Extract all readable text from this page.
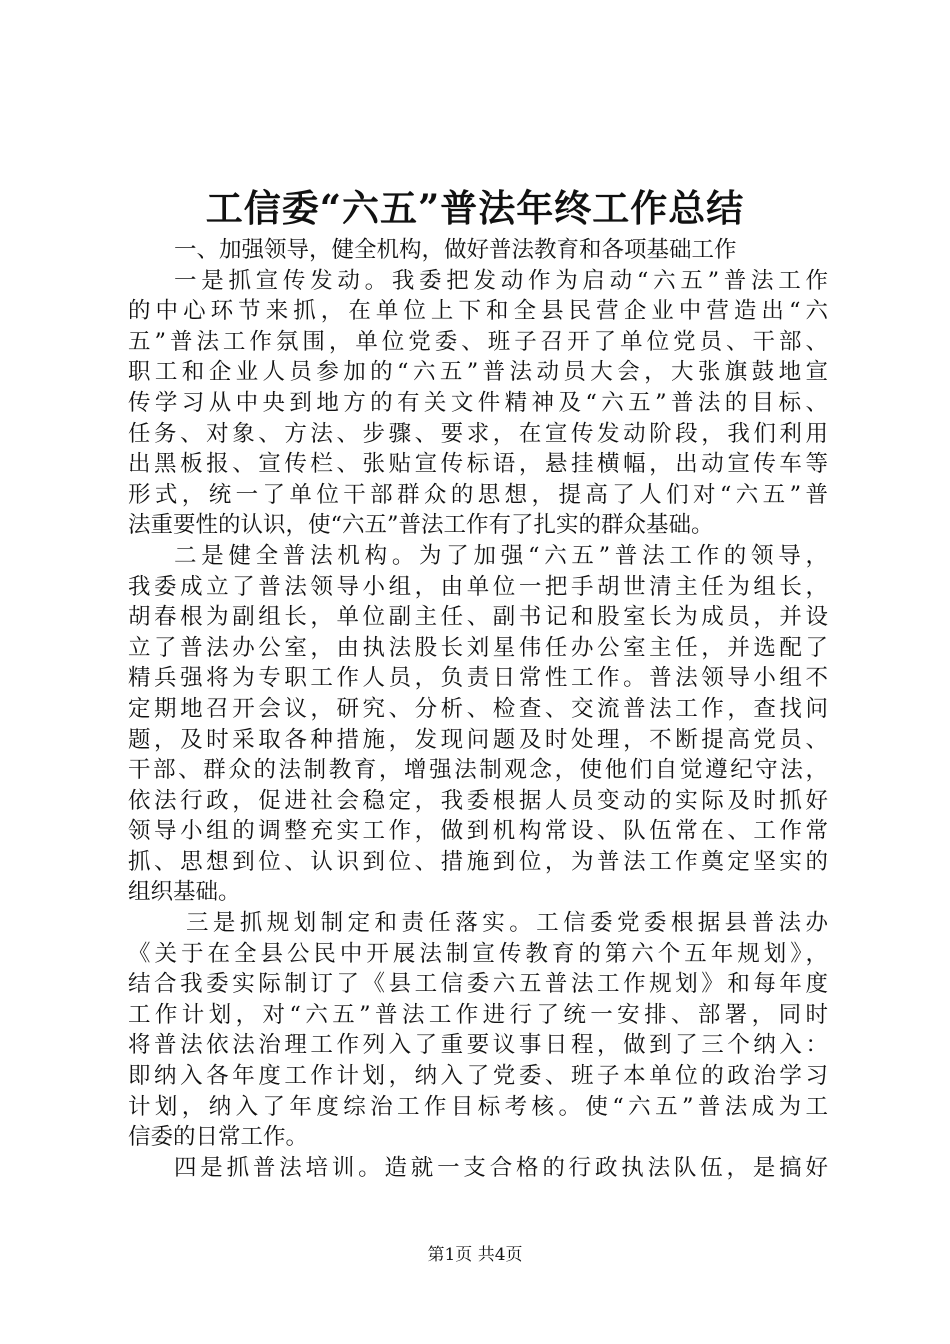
工信委“六五”普法年终工作总结
一、加强领导，健全机构，做好普法教育和各项基础工作
一是抓宣传发动。我委把发动作为启动“六五”普法工作
的中心环节来抓，在单位上下和全县民营企业中营造出“六
五”普法工作氛围，单位党委、班子召开了单位党员、干部、
职工和企业人员参加的“六五”普法动员大会，大张旗鼓地宣
传学习从中央到地方的有关文件精神及“六五”普法的目标、
任务、对象、方法、步骤、要求，在宣传发动阶段，我们利用
出黑板报、宣传栏、张贴宣传标语，悬挂横幅，出动宣传车等
形式，统一了单位干部群众的思想，提高了人们对“六五”普
法重要性的认识，使“六五”普法工作有了扎实的群众基础。
二是健全普法机构。为了加强“六五”普法工作的领导，
我委成立了普法领导小组，由单位一把手胡世清主任为组长，
胡春根为副组长，单位副主任、副书记和股室长为成员，并设
立了普法办公室，由执法股长刘星伟任办公室主任，并选配了
精兵强将为专职工作人员，负责日常性工作。普法领导小组不
定期地召开会议，研究、分析、检查、交流普法工作，查找问
题，及时采取各种措施，发现问题及时处理，不断提高党员、
干部、群众的法制教育，增强法制观念，使他们自觉遵纪守法，
依法行政，促进社会稳定，我委根据人员变动的实际及时抓好
领导小组的调整充实工作，做到机构常设、队伍常在、工作常
抓、思想到位、认识到位、措施到位，为普法工作奠定坚实的
组织基础。
三是抓规划制定和责任落实。工信委党委根据县普法办
《关于在全县公民中开展法制宣传教育的第六个五年规划》，
结合我委实际制订了《县工信委六五普法工作规划》和每年度
工作计划，对“六五”普法工作进行了统一安排、部署，同时
将普法依法治理工作列入了重要议事日程，做到了三个纳入：
即纳入各年度工作计划，纳入了党委、班子本单位的政治学习
计划，纳入了年度综治工作目标考核。使“六五”普法成为工
信委的日常工作。
四是抓普法培训。造就一支合格的行政执法队伍，是搞好
第1页 共4页
